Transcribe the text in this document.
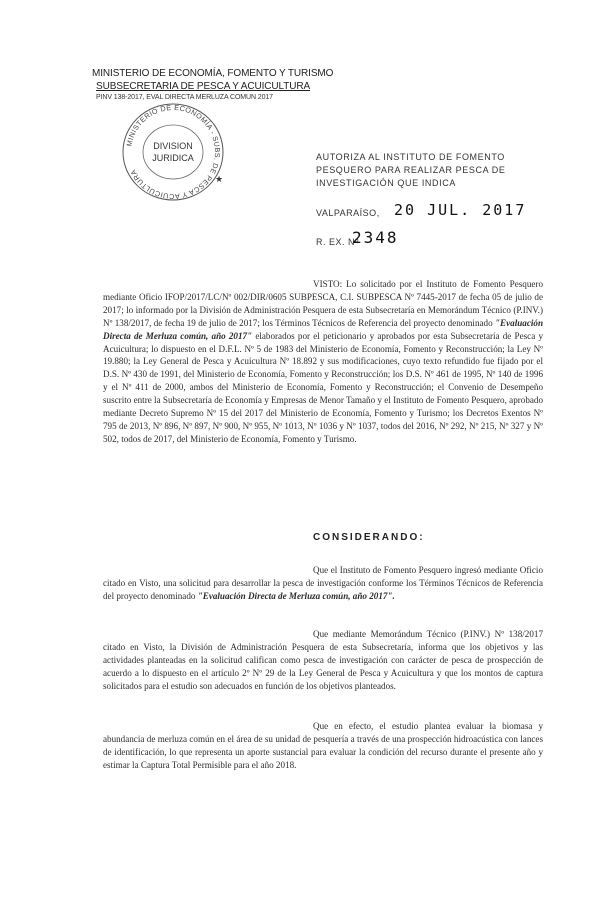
MINISTERIO DE ECONOMÍA, FOMENTO Y TURISMO
SUBSECRETARIA DE PESCA Y ACUICULTURA
PINV 138-2017, EVAL DIRECTA MERLUZA COMUN 2017
MINISTERIO DE ECONOMÍA - SUBS. DE PESCA Y ACUICULTURA
DIVISION
JURIDICA
★
AUTORIZA AL INSTITUTO DE FOMENTO PESQUERO PARA REALIZAR PESCA DE INVESTIGACIÓN QUE INDICA
VALPARAÍSO, 20 JUL. 2017
R. EX. Nº
2348
VISTO: Lo solicitado por el Instituto de Fomento Pesquero mediante Oficio IFOP/2017/LC/Nº 002/DIR/0605 SUBPESCA, C.I. SUBPESCA Nº 7445-2017 de fecha 05 de julio de 2017; lo informado por la División de Administración Pesquera de esta Subsecretaría en Memorándum Técnico (P.INV.) Nº 138/2017, de fecha 19 de julio de 2017; los Términos Técnicos de Referencia del proyecto denominado "Evaluación Directa de Merluza común, año 2017" elaborados por el peticionario y aprobados por esta Subsecretaría de Pesca y Acuicultura; lo dispuesto en el D.F.L. Nº 5 de 1983 del Ministerio de Economía, Fomento y Reconstrucción; la Ley Nº 19.880; la Ley General de Pesca y Acuicultura Nº 18.892 y sus modificaciones, cuyo texto refundido fue fijado por el D.S. Nº 430 de 1991, del Ministerio de Economía, Fomento y Reconstrucción; los D.S. Nº 461 de 1995, Nº 140 de 1996 y el Nº 411 de 2000, ambos del Ministerio de Economía, Fomento y Reconstrucción; el Convenio de Desempeño suscrito entre la Subsecretaría de Economía y Empresas de Menor Tamaño y el Instituto de Fomento Pesquero, aprobado mediante Decreto Supremo Nº 15 del 2017 del Ministerio de Economía, Fomento y Turismo; los Decretos Exentos Nº 795 de 2013, Nº 896, Nº 897, Nº 900, Nº 955, Nº 1013, Nº 1036 y Nº 1037, todos del 2016, Nº 292, Nº 215, Nº 327 y Nº 502, todos de 2017, del Ministerio de Economía, Fomento y Turismo.
CONSIDERANDO:
Que el Instituto de Fomento Pesquero ingresó mediante Oficio citado en Visto, una solicitud para desarrollar la pesca de investigación conforme los Términos Técnicos de Referencia del proyecto denominado "Evaluación Directa de Merluza común, año 2017".
Que mediante Memorándum Técnico (P.INV.) Nº 138/2017 citado en Visto, la División de Administración Pesquera de esta Subsecretaría, informa que los objetivos y las actividades planteadas en la solicitud califican como pesca de investigación con carácter de pesca de prospección de acuerdo a lo dispuesto en el artículo 2º Nº 29 de la Ley General de Pesca y Acuicultura y que los montos de captura solicitados para el estudio son adecuados en función de los objetivos planteados.
Que en efecto, el estudio plantea evaluar la biomasa y abundancia de merluza común en el área de su unidad de pesquería a través de una prospección hidroacústica con lances de identificación, lo que representa un aporte sustancial para evaluar la condición del recurso durante el presente año y estimar la Captura Total Permisible para el año 2018.
